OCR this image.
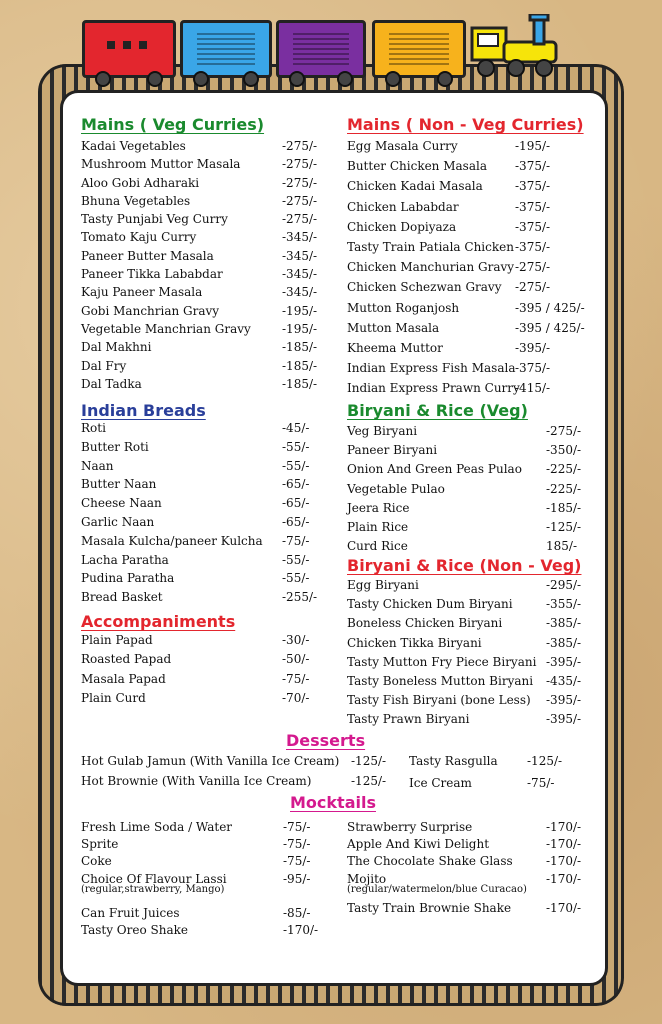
Mains ( Veg Curries)	Mains ( Non - Veg Curries)
Indian Breads	Biryani & Rice (Veg)
Accompaniments
Biryani & Rice (Non - Veg)
Desserts
Mocktails
Kadai Vegetables	-275/-
Mushroom Muttor Masala	-275/-
Aloo Gobi Adharaki	-275/-
Bhuna Vegetables	-275/-
Tasty Punjabi Veg Curry	-275/-
Tomato Kaju Curry	-345/-
Paneer Butter Masala	-345/-
Paneer Tikka Lababdar	-345/-
Kaju Paneer Masala	-345/-
Gobi Manchrian Gravy	-195/-
Vegetable Manchrian Gravy	-195/-
Dal Makhni	-185/-
Dal Fry	-185/-
Dal Tadka	-185/-
Egg Masala Curry	-195/-
Butter Chicken Masala -375/-
Chicken Kadai Masala	-375/-
Chicken Lababdar	-375/-
Chicken Dopiyaza	-375/-
Tasty Train Patiala Chicken -375/-
Chicken Manchurian Gravy -275/-
Chicken Schezwan Gravy -275/-
Mutton Roganjosh	-395 / 425/-
Mutton Masala	-395 / 425/-
Kheema Muttor	-395/-
Indian Express Fish Masala -375/-
Indian Express Prawn Curry
-415/-
Roti	-45/-
Butter Roti	-55/-
Naan	-55/-
Butter Naan	-65/-
Cheese Naan	-65/-
Garlic Naan	-65/-
Masala Kulcha/paneer Kulcha -75/-
Lacha Paratha	-55/-
Pudina Paratha	-55/-
Bread Basket	-255/-
Veg Biryani	-275/-
Paneer Biryani	-350/-
Onion And Green Peas Pulao -225/-
Vegetable Pulao	-225/-
Jeera Rice	-185/-
Plain Rice	-125/-
Curd Rice	185/-
Plain Papad	-30/-
Roasted Papad	-50/-
Masala Papad	-75/-
Plain Curd	-70/-
Egg Biryani	-295/-
Tasty Chicken Dum Biryani	-355/-
Boneless Chicken Biryani	-385/-
Chicken Tikka Biryani	-385/-
Tasty Mutton Fry Piece Biryani -395/-
Tasty Boneless Mutton Biryani -435/-
Tasty Fish Biryani (bone Less) -395/-
Tasty Prawn Biryani	-395/-
Hot Gulab Jamun (With Vanilla Ice Cream) -125/-
Hot Brownie (With Vanilla Ice Cream)	-125/-
Tasty Rasgulla -125/-
Ice Cream	-75/-
Fresh Lime Soda / Water	-75/-
Sprite	-75/-
Coke	-75/-
Choice Of Flavour Lassi
(regular,strawberry, Mango)
-95/-
Can Fruit Juices	-85/-
Tasty Oreo Shake	-170/-
Strawberry Surprise	-170/-
Apple And Kiwi Delight	-170/-
The Chocolate Shake Glass	-170/-
Mojito
(regular/watermelon/blue Curacao)
-170/-
Tasty Train Brownie Shake	-170/-
